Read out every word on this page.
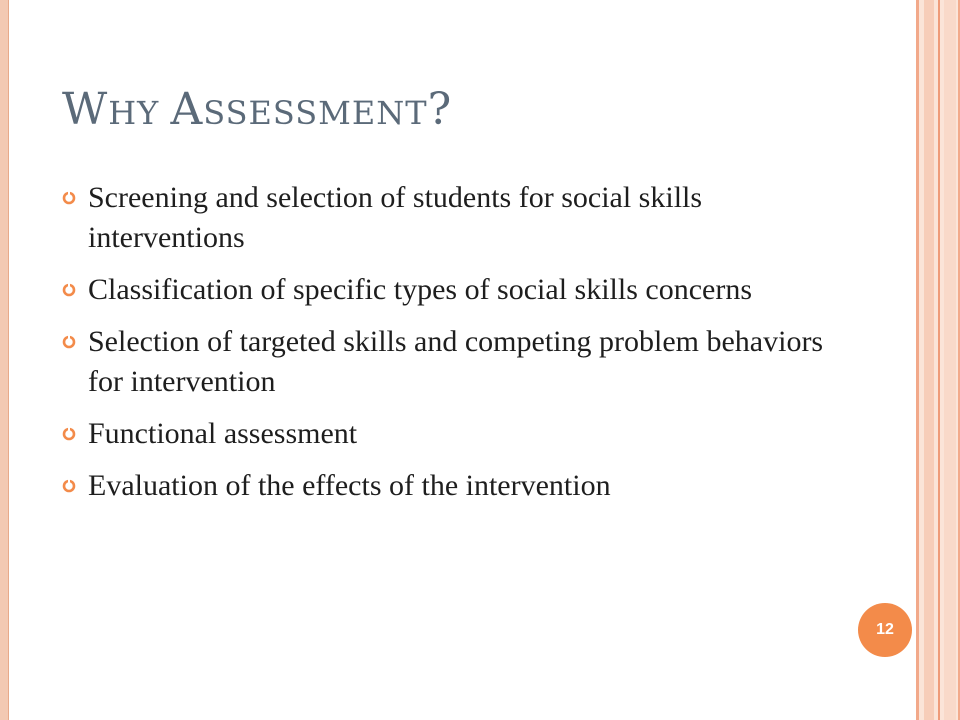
WHY ASSESSMENT?
Screening and selection of students for social skills interventions
Classification of specific types of social skills concerns
Selection of targeted skills and competing problem behaviors for intervention
Functional assessment
Evaluation of the effects of the intervention
12
